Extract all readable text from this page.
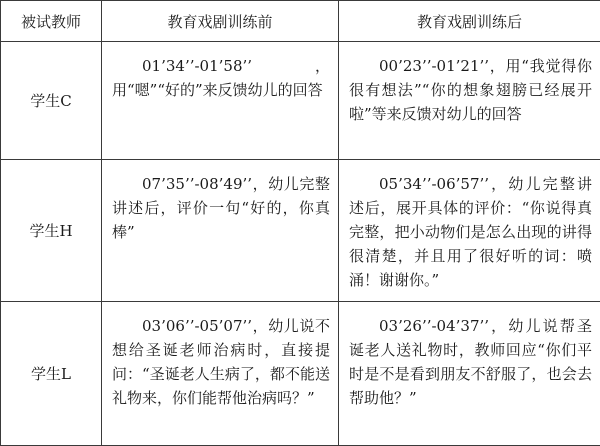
被试教师	教育戏剧训练前	教育戏剧训练后
学生C	01’34’’-01’58’’，用“嗯”“好的”来反馈幼儿的回答	00’23’’-01’21’’，用“我觉得你很有想法”“你的想象翅膀已经展开啦”等来反馈对幼儿的回答

学生H	07’35’’-08’49’’，幼儿完整讲述后，评价一句“好的，你真棒”	05’34’’-06’57’’，幼儿完整讲述后，展开具体的评价：“你说得真完整，把小动物们是怎么出现的讲得很清楚，并且用了很好听的词：喷涌！谢谢你。”

学生L	03’06’’-05’07’’，幼儿说不想给圣诞老师治病时，直接提问：“圣诞老人生病了，都不能送礼物来，你们能帮他治病吗？”	03’26’’-04’37’’，幼儿说帮圣诞老人送礼物时，教师回应“你们平时是不是看到朋友不舒服了，也会去帮助他？”
